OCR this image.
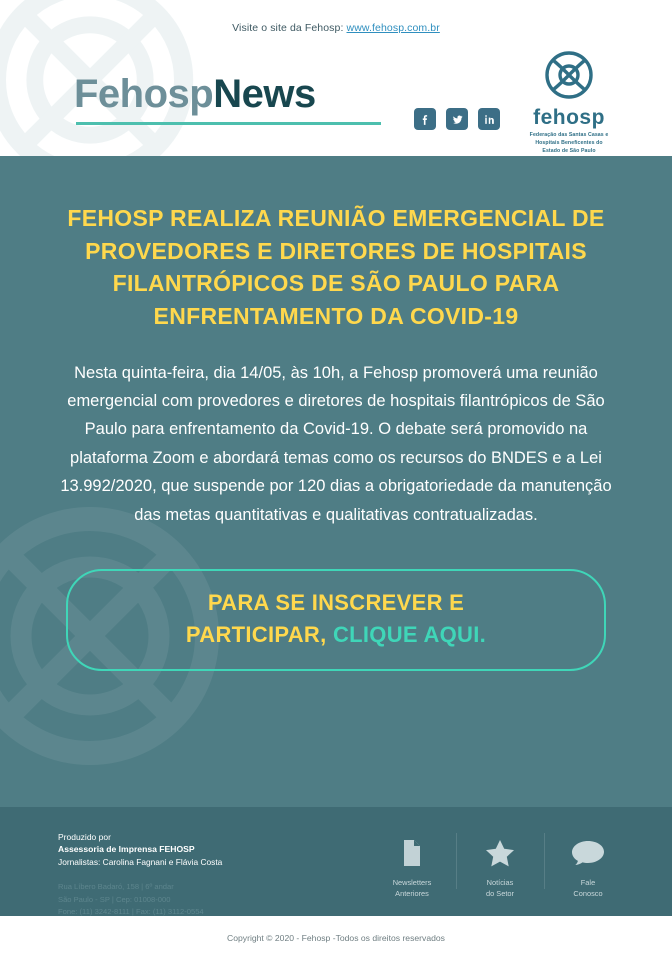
Visite o site da Fehosp: www.fehosp.com.br
FehospNews
fehosp
Federação das Santas Casas e
Hospitais Beneficentes do
Estado de São Paulo
FEHOSP REALIZA REUNIÃO EMERGENCIAL DE PROVEDORES E DIRETORES DE HOSPITAIS FILANTRÓPICOS DE SÃO PAULO PARA ENFRENTAMENTO DA COVID-19
Nesta quinta-feira, dia 14/05, às 10h, a Fehosp promoverá uma reunião emergencial com provedores e diretores de hospitais filantrópicos de São Paulo para enfrentamento da Covid-19. O debate será promovido na plataforma Zoom e abordará temas como os recursos do BNDES e a Lei 13.992/2020, que suspende por 120 dias a obrigatoriedade da manutenção das metas quantitativas e qualitativas contratualizadas.
PARA SE INSCREVER E
PARTICIPAR, CLIQUE AQUI.
Produzido por
Assessoria de Imprensa FEHOSP
Jornalistas: Carolina Fagnani e Flávia Costa
Rua Líbero Badaró, 158 | 6º andar
São Paulo - SP | Cep: 01008-000
Fone: (11) 3242-8111 | Fax: (11) 3112-0554
Newsletters
Anteriores
Notícias
do Setor
Fale
Conosco
Copyright © 2020 - Fehosp -Todos os direitos reservados
